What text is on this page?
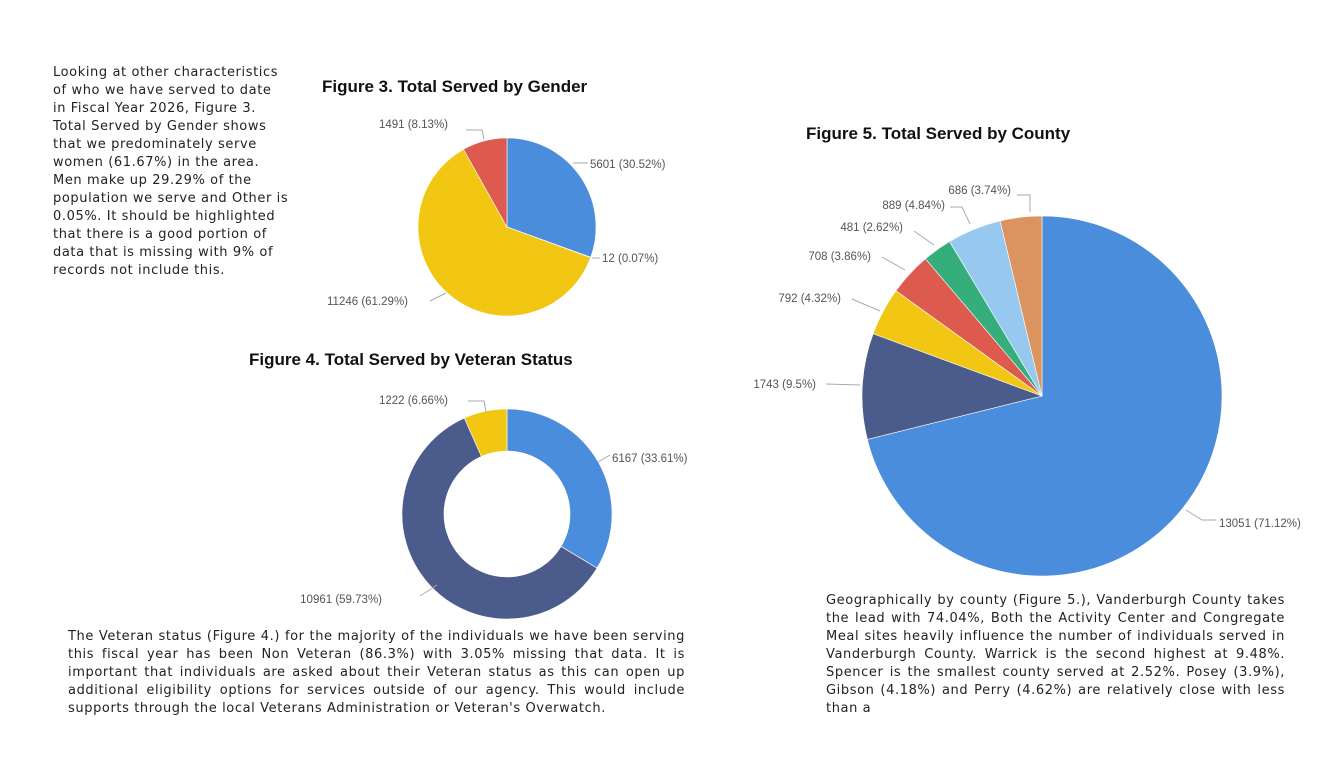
Looking at other characteristics of who we have served to date in Fiscal Year 2026, Figure 3. Total Served by Gender shows that we predominately serve women (61.67%) in the area. Men make up 29.29% of the population we serve and Other is 0.05%. It should be highlighted that there is a good portion of data that is missing with 9% of records not include this.

Figure 3. Total Served by Gender
Figure 4. Total Served by Veteran Status
Figure 5. Total Served by County
5601 (30.52%)
12 (0.07%)
11246 (61.29%)
1491 (8.13%)
6167 (33.61%)
10961 (59.73%)
1222 (6.66%)
13051 (71.12%)
1743 (9.5%)
792 (4.32%)
708 (3.86%)
481 (2.62%)
889 (4.84%)
686 (3.74%)

The Veteran status (Figure 4.) for the majority of the individuals we have been serving this fiscal year has been Non Veteran (86.3%) with 3.05% missing that data. It is important that individuals are asked about their Veteran status as this can open up additional eligibility options for services outside of our agency. This would include supports through the local Veterans Administration or Veteran's Overwatch.

Geographically by county (Figure 5.), Vanderburgh County takes the lead with 74.04%, Both the Activity Center and Congregate Meal sites heavily influence the number of individuals served in Vanderburgh County. Warrick is the second highest at 9.48%. Spencer is the smallest county served at 2.52%. Posey (3.9%), Gibson (4.18%) and Perry (4.62%) are relatively close with less than a
